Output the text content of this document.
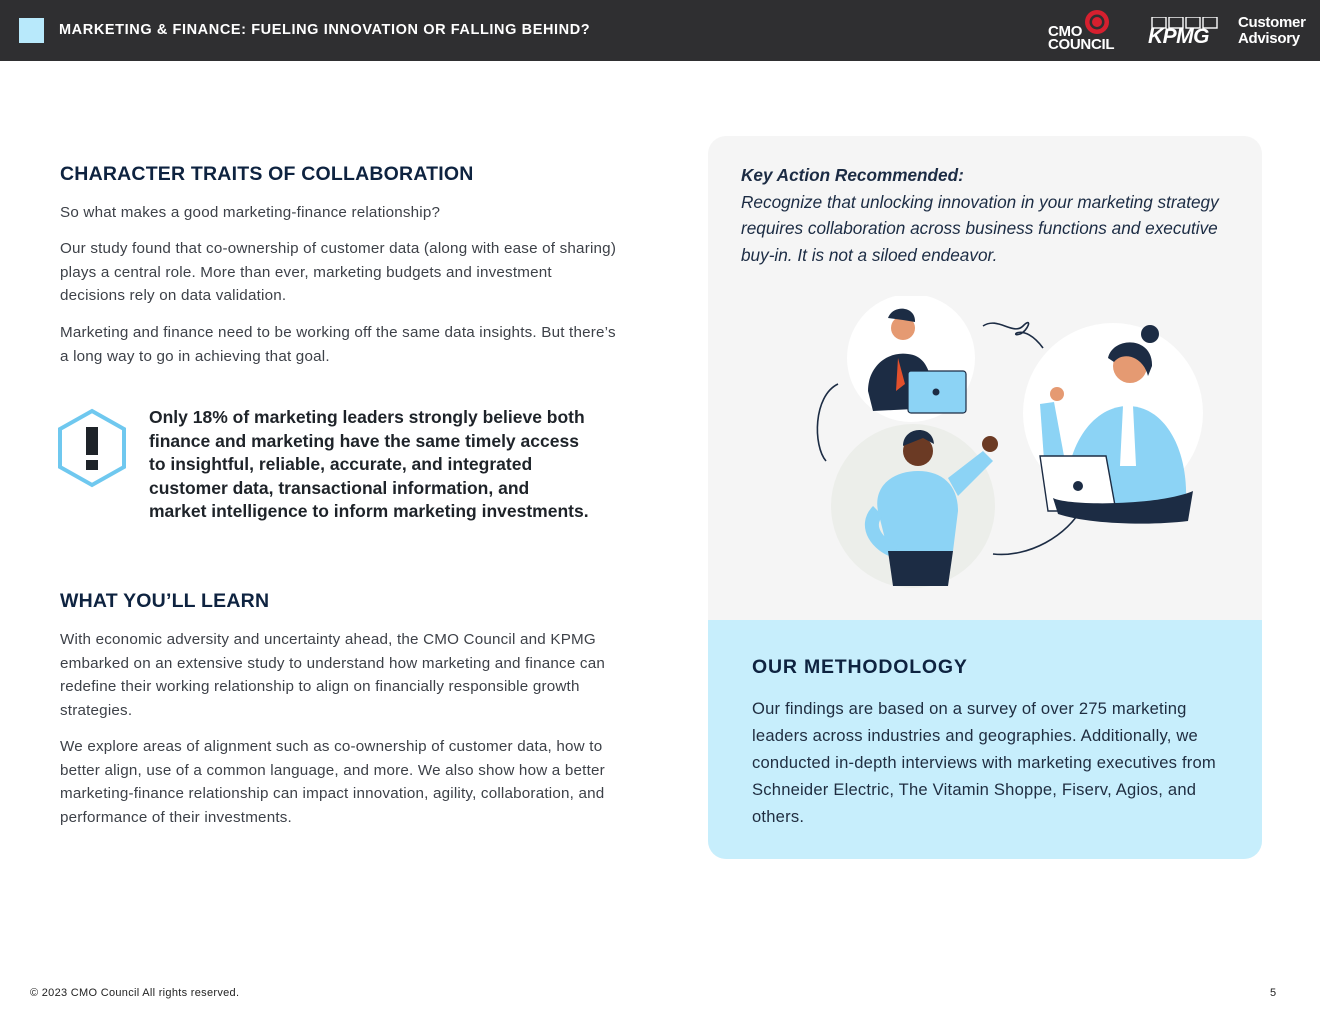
MARKETING & FINANCE: FUELING INNOVATION OR FALLING BEHIND?	CMO
COUNCIL KPMG
Customer
Advisory
CHARACTER TRAITS OF COLLABORATION

So what makes a good marketing-finance relationship?

Our study found that co-ownership of customer data (along with ease of sharing) plays a central role. More than ever, marketing budgets and investment decisions rely on data validation.

Marketing and finance need to be working off the same data insights. But there’s a long way to go in achieving that goal.

Only 18% of marketing leaders strongly believe both finance and marketing have the same timely access to insightful, reliable, accurate, and integrated customer data, transactional information, and market intelligence to inform marketing investments.

WHAT YOU’LL LEARN

With economic adversity and uncertainty ahead, the CMO Council and KPMG embarked on an extensive study to understand how marketing and finance can redefine their working relationship to align on financially responsible growth strategies.

We explore areas of alignment such as co-ownership of customer data, how to better align, use of a common language, and more. We also show how a better marketing-finance relationship can impact innovation, agility, collaboration, and performance of their investments.

Key Action Recommended:
Recognize that unlocking innovation in your marketing strategy requires collaboration across business functions and executive buy-in. It is not a siloed endeavor.

OUR METHODOLOGY

Our findings are based on a survey of over 275 marketing leaders across industries and geographies. Additionally, we conducted in-depth interviews with marketing executives from Schneider Electric, The Vitamin Shoppe, Fiserv, Agios, and others.

© 2023 CMO Council All rights reserved.	5
